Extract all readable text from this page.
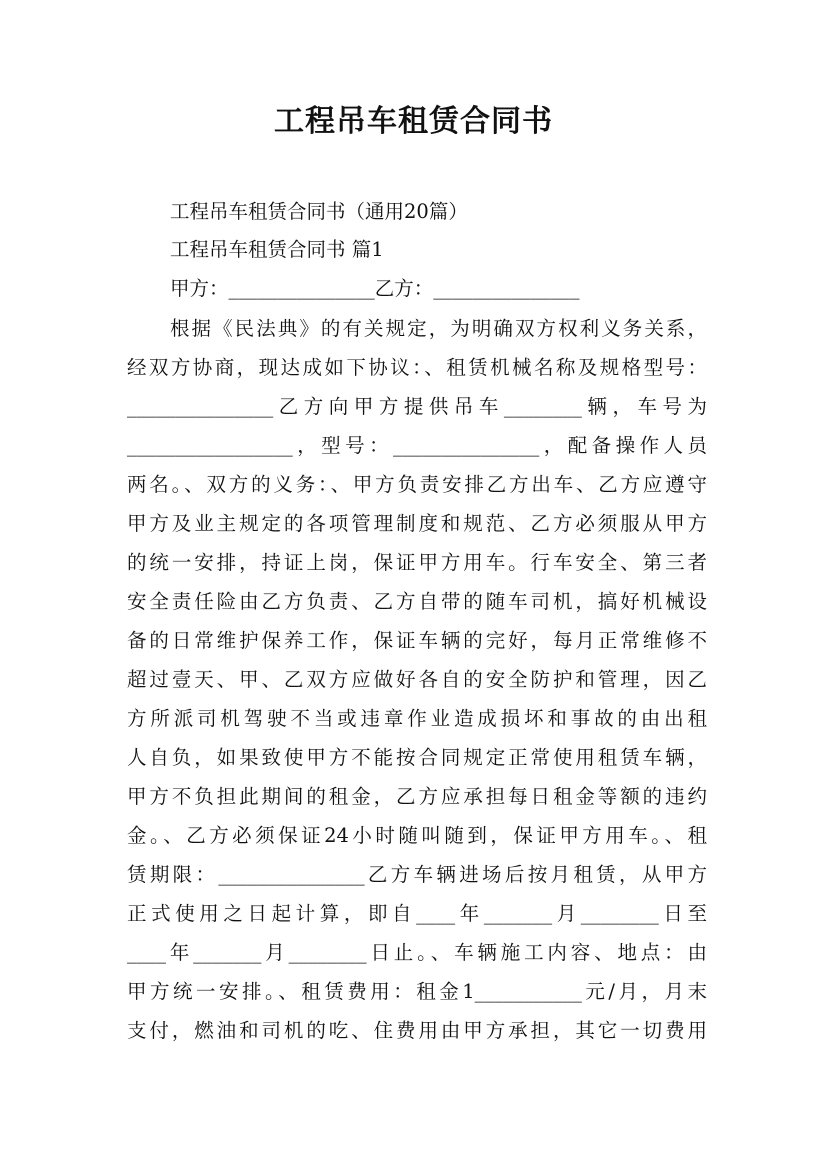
工程吊车租赁合同书
工程吊车租赁合同书（通用20篇）
工程吊车租赁合同书 篇1
甲方：_______________乙方：_______________
根据《民法典》的有关规定，为明确双方权利义务关系，
经双方协商，现达成如下协议：、租赁机械名称及规格型号：
_______________乙方向甲方提供吊车________辆，车号为
_________________，型号：_______________，配备操作人员
两名。、双方的义务：、甲方负责安排乙方出车、乙方应遵守
甲方及业主规定的各项管理制度和规范、乙方必须服从甲方
的统一安排，持证上岗，保证甲方用车。行车安全、第三者
安全责任险由乙方负责、乙方自带的随车司机，搞好机械设
备的日常维护保养工作，保证车辆的完好，每月正常维修不
超过壹天、甲、乙双方应做好各自的安全防护和管理，因乙
方所派司机驾驶不当或违章作业造成损坏和事故的由出租
人自负，如果致使甲方不能按合同规定正常使用租赁车辆，
甲方不负担此期间的租金，乙方应承担每日租金等额的违约
金。、乙方必须保证24小时随叫随到，保证甲方用车。、租
赁期限：_______________乙方车辆进场后按月租赁，从甲方
正式使用之日起计算，即自____年_______月________日至
____年_______月________日止。、车辆施工内容、地点：由
甲方统一安排。、租赁费用：租金1___________元/月，月末
支付，燃油和司机的吃、住费用由甲方承担，其它一切费用
